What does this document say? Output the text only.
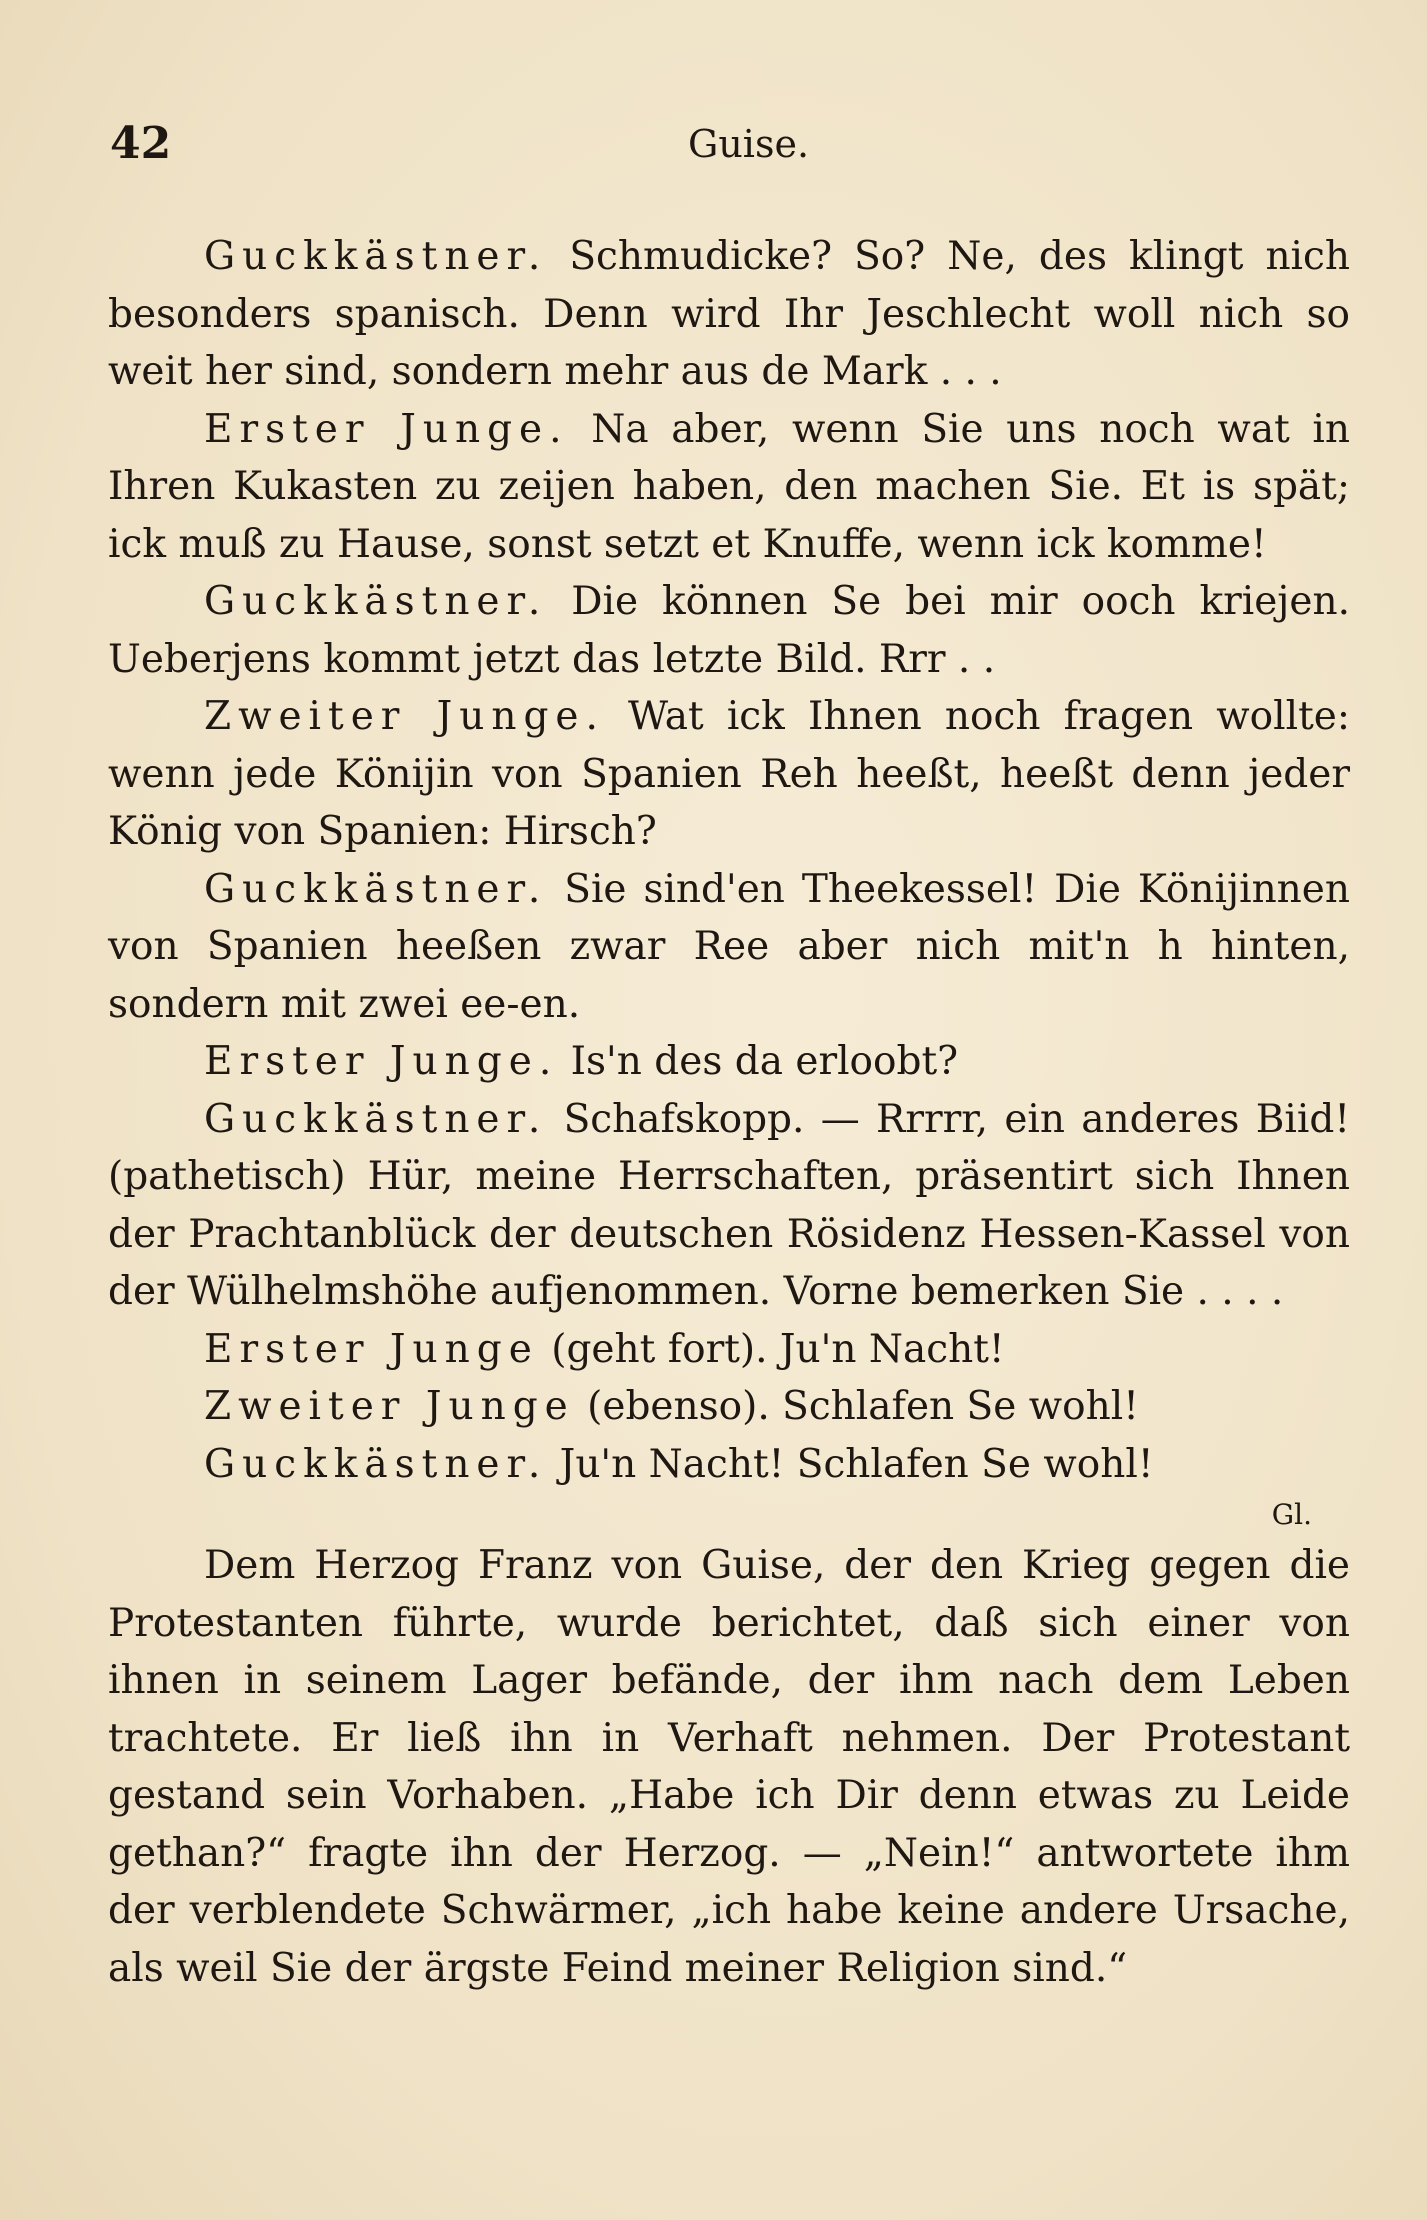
42	Guise.

Guckkästner. Schmudicke? So? Ne, des klingt nich besonders spanisch. Denn wird Ihr Jeschlecht woll nich so weit her sind, sondern mehr aus de Mark . . .

Erster Junge. Na aber, wenn Sie uns noch wat in Ihren Kukasten zu zeijen haben, den machen Sie. Et is spät; ick muß zu Hause, sonst setzt et Knuffe, wenn ick komme!

Guckkästner. Die können Se bei mir ooch kriejen. Ueberjens kommt jetzt das letzte Bild. Rrr . .

Zweiter Junge. Wat ick Ihnen noch fragen wollte: wenn jede Könijin von Spanien Reh heeßt, heeßt denn jeder König von Spanien: Hirsch?

Guckkästner. Sie sind'en Theekessel! Die Könijinnen von Spanien heeßen zwar Ree aber nich mit'n h hinten, sondern mit zwei ee-en.

Erster Junge. Is'n des da erloobt?

Guckkästner. Schafskopp. — Rrrrr, ein anderes Biid! (pathetisch) Hür, meine Herrschaften, präsentirt sich Ihnen der Prachtanblück der deutschen Rösidenz Hessen-Kassel von der Wülhelmshöhe aufjenommen. Vorne bemerken Sie . . . .

Erster Junge (geht fort). Ju'n Nacht!

Zweiter Junge (ebenso). Schlafen Se wohl!

Guckkästner. Ju'n Nacht! Schlafen Se wohl!

Gl.

Dem Herzog Franz von Guise, der den Krieg gegen die Protestanten führte, wurde berichtet, daß sich einer von ihnen in seinem Lager befände, der ihm nach dem Leben trachtete. Er ließ ihn in Verhaft nehmen. Der Protestant gestand sein Vorhaben. „Habe ich Dir denn etwas zu Leide gethan?“ fragte ihn der Herzog. — „Nein!“ antwortete ihm der verblendete Schwärmer, „ich habe keine andere Ursache, als weil Sie der ärgste Feind meiner Religion sind.“
